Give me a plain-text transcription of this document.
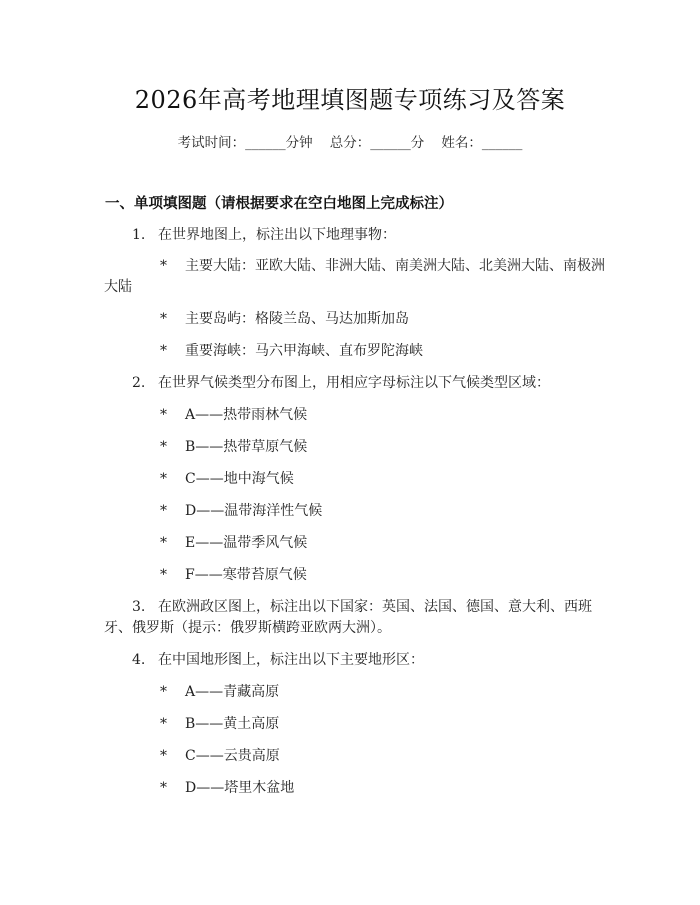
2026年高考地理填图题专项练习及答案
考试时间：______分钟    总分：______分    姓名：______
一、单项填图题（请根据要求在空白地图上完成标注）
1. 在世界地图上，标注出以下地理事物：
* 主要大陆：亚欧大陆、非洲大陆、南美洲大陆、北美洲大陆、南极洲
大陆
* 主要岛屿：格陵兰岛、马达加斯加岛
* 重要海峡：马六甲海峡、直布罗陀海峡
2. 在世界气候类型分布图上，用相应字母标注以下气候类型区域：
* A——热带雨林气候
* B——热带草原气候
* C——地中海气候
* D——温带海洋性气候
* E——温带季风气候
* F——寒带苔原气候
3. 在欧洲政区图上，标注出以下国家：英国、法国、德国、意大利、西班
牙、俄罗斯（提示：俄罗斯横跨亚欧两大洲）。
4. 在中国地形图上，标注出以下主要地形区：
* A——青藏高原
* B——黄土高原
* C——云贵高原
* D——塔里木盆地
